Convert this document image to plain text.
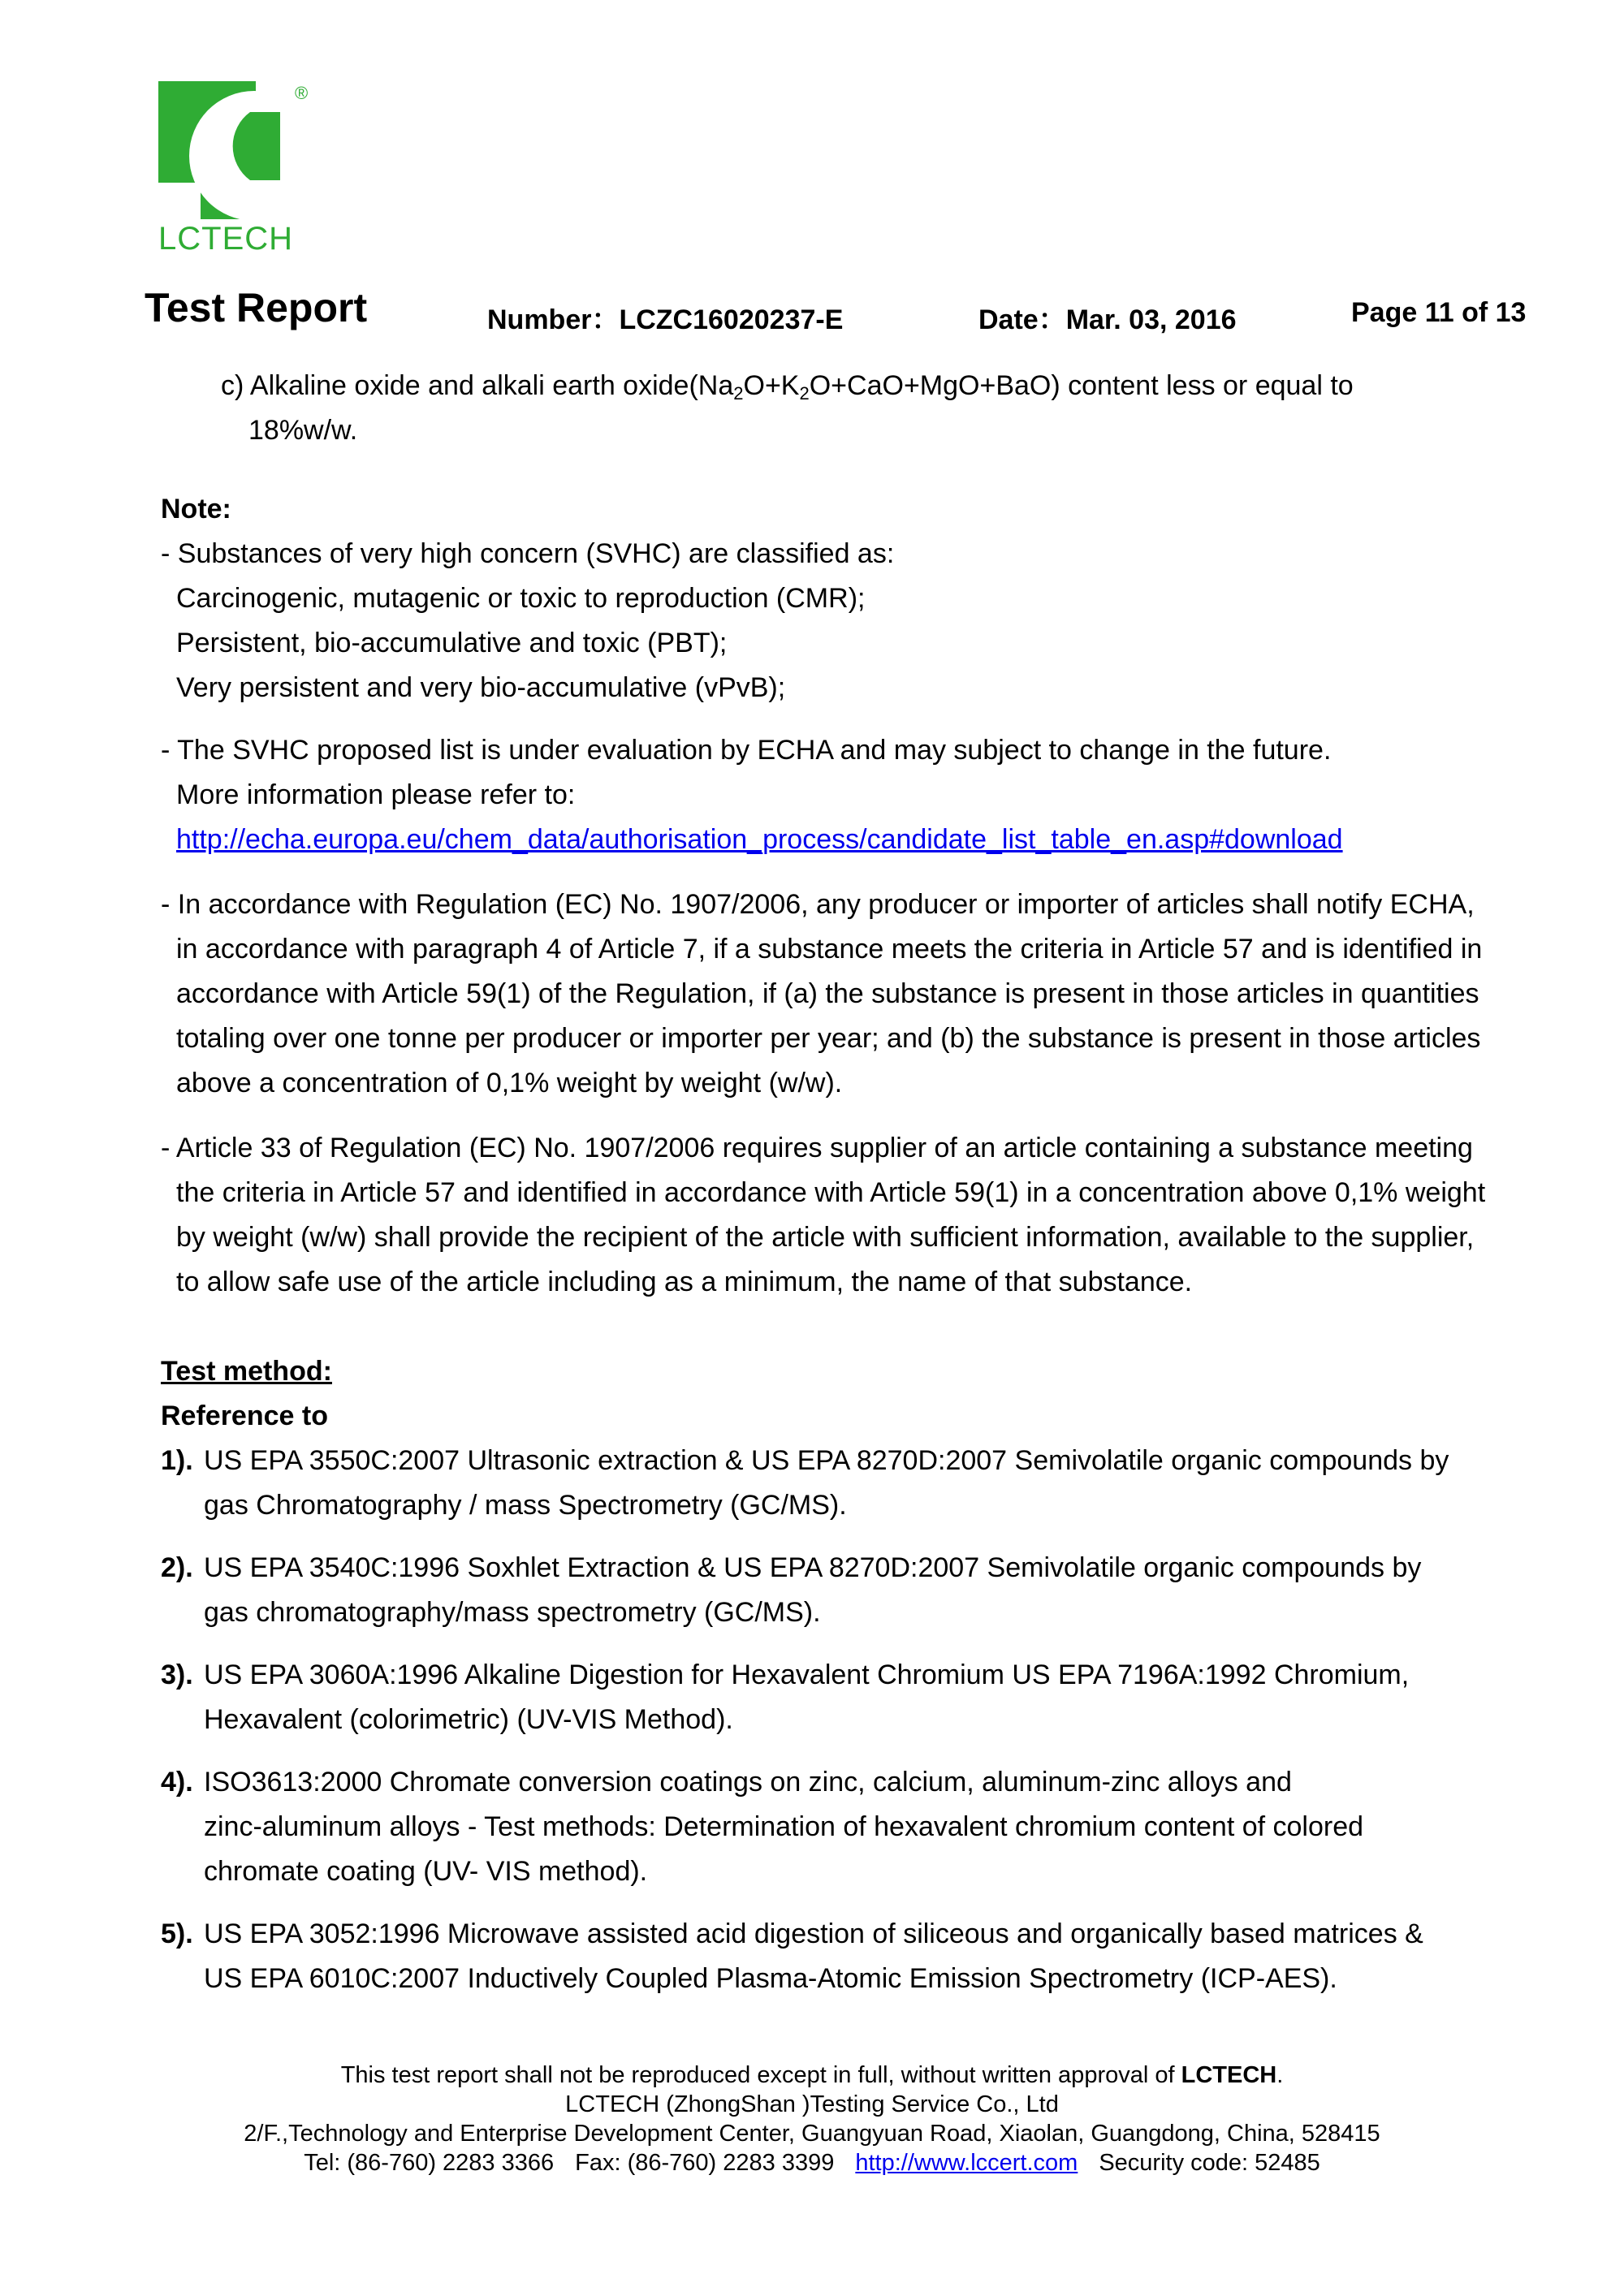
®
LCTECH
Test Report	Number：LCZC16020237-E	Date：Mar. 03, 2016	Page 11 of 13
c) Alkaline oxide and alkali earth $oxide(Na_2O+K_2O+CaO+MgO+BaO)$ content less or equal to
18%w/w.
Note:
- Substances of very high concern (SVHC) are classified as:
Carcinogenic, mutagenic or toxic to reproduction (CMR);
Persistent, bio-accumulative and toxic (PBT);
Very persistent and very bio-accumulative (vPvB);
- The SVHC proposed list is under evaluation by ECHA and may subject to change in the future.
More information please refer to:
http://echa.europa.eu/chem_data/authorisation_process/candidate_list_table_en.asp#download
- In accordance with Regulation (EC) No. 1907/2006, any producer or importer of articles shall notify ECHA,
in accordance with paragraph 4 of Article 7, if a substance meets the criteria in Article 57 and is identified in
accordance with Article 59(1) of the Regulation, if (a) the substance is present in those articles in quantities
totaling over one tonne per producer or importer per year; and (b) the substance is present in those articles
above a concentration of 0,1% weight by weight (w/w).
- Article 33 of Regulation (EC) No. 1907/2006 requires supplier of an article containing a substance meeting
the criteria in Article 57 and identified in accordance with Article 59(1) in a concentration above 0,1% weight
by weight (w/w) shall provide the recipient of the article with sufficient information, available to the supplier,
to allow safe use of the article including as a minimum, the name of that substance.
Test method:
Reference to
1). US EPA 3550C:2007 Ultrasonic extraction & US EPA 8270D:2007 Semivolatile organic compounds by
gas Chromatography / mass Spectrometry (GC/MS).
2). US EPA 3540C:1996 Soxhlet Extraction & US EPA 8270D:2007 Semivolatile organic compounds by
gas chromatography/mass spectrometry (GC/MS).
3). US EPA 3060A:1996 Alkaline Digestion for Hexavalent Chromium US EPA 7196A:1992 Chromium,
Hexavalent (colorimetric) (UV-VIS Method).
4). ISO3613:2000 Chromate conversion coatings on zinc, calcium, aluminum-zinc alloys and
zinc-aluminum alloys - Test methods: Determination of hexavalent chromium content of colored
chromate coating (UV- VIS method).
5). US EPA 3052:1996 Microwave assisted acid digestion of siliceous and organically based matrices &
US EPA 6010C:2007 Inductively Coupled Plasma-Atomic Emission Spectrometry (ICP-AES).
This test report shall not be reproduced except in full, without written approval of LCTECH.
LCTECH (ZhongShan )Testing Service Co., Ltd
2/F.,Technology and Enterprise Development Center, Guangyuan Road, Xiaolan, Guangdong, China, 528415
Tel: (86-760) 2283 3366 Fax: (86-760) 2283 3399 http://www.lccert.com Security code: 52485
